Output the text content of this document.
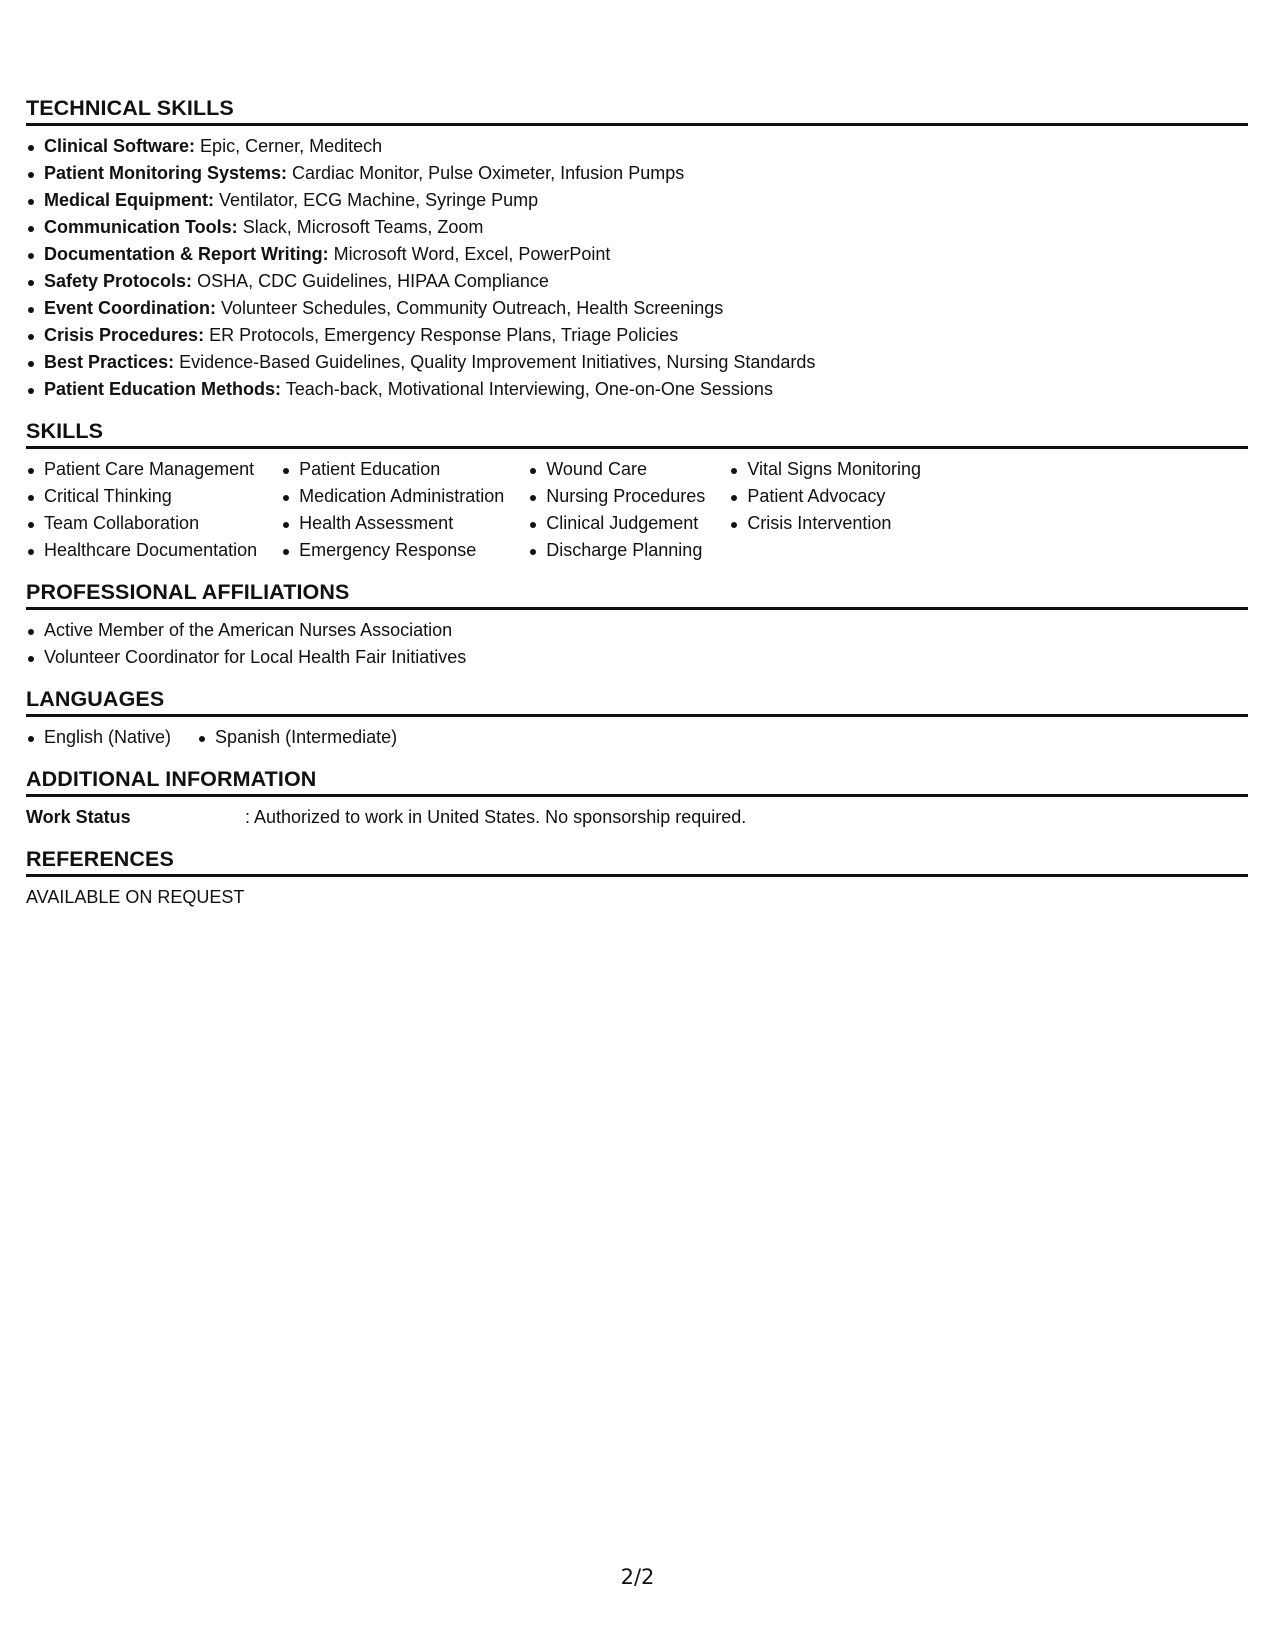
TECHNICAL SKILLS
Clinical Software: Epic, Cerner, Meditech
Patient Monitoring Systems: Cardiac Monitor, Pulse Oximeter, Infusion Pumps
Medical Equipment: Ventilator, ECG Machine, Syringe Pump
Communication Tools: Slack, Microsoft Teams, Zoom
Documentation & Report Writing: Microsoft Word, Excel, PowerPoint
Safety Protocols: OSHA, CDC Guidelines, HIPAA Compliance
Event Coordination: Volunteer Schedules, Community Outreach, Health Screenings
Crisis Procedures: ER Protocols, Emergency Response Plans, Triage Policies
Best Practices: Evidence-Based Guidelines, Quality Improvement Initiatives, Nursing Standards
Patient Education Methods: Teach-back, Motivational Interviewing, One-on-One Sessions
SKILLS
Patient Care Management
Critical Thinking
Team Collaboration
Healthcare Documentation
Patient Education
Medication Administration
Health Assessment
Emergency Response
Wound Care
Nursing Procedures
Clinical Judgement
Discharge Planning
Vital Signs Monitoring
Patient Advocacy
Crisis Intervention
PROFESSIONAL AFFILIATIONS
Active Member of the American Nurses Association
Volunteer Coordinator for Local Health Fair Initiatives
LANGUAGES
English (Native)	Spanish (Intermediate)
ADDITIONAL INFORMATION
Work Status	: Authorized to work in United States. No sponsorship required.
REFERENCES
AVAILABLE ON REQUEST
2/2
